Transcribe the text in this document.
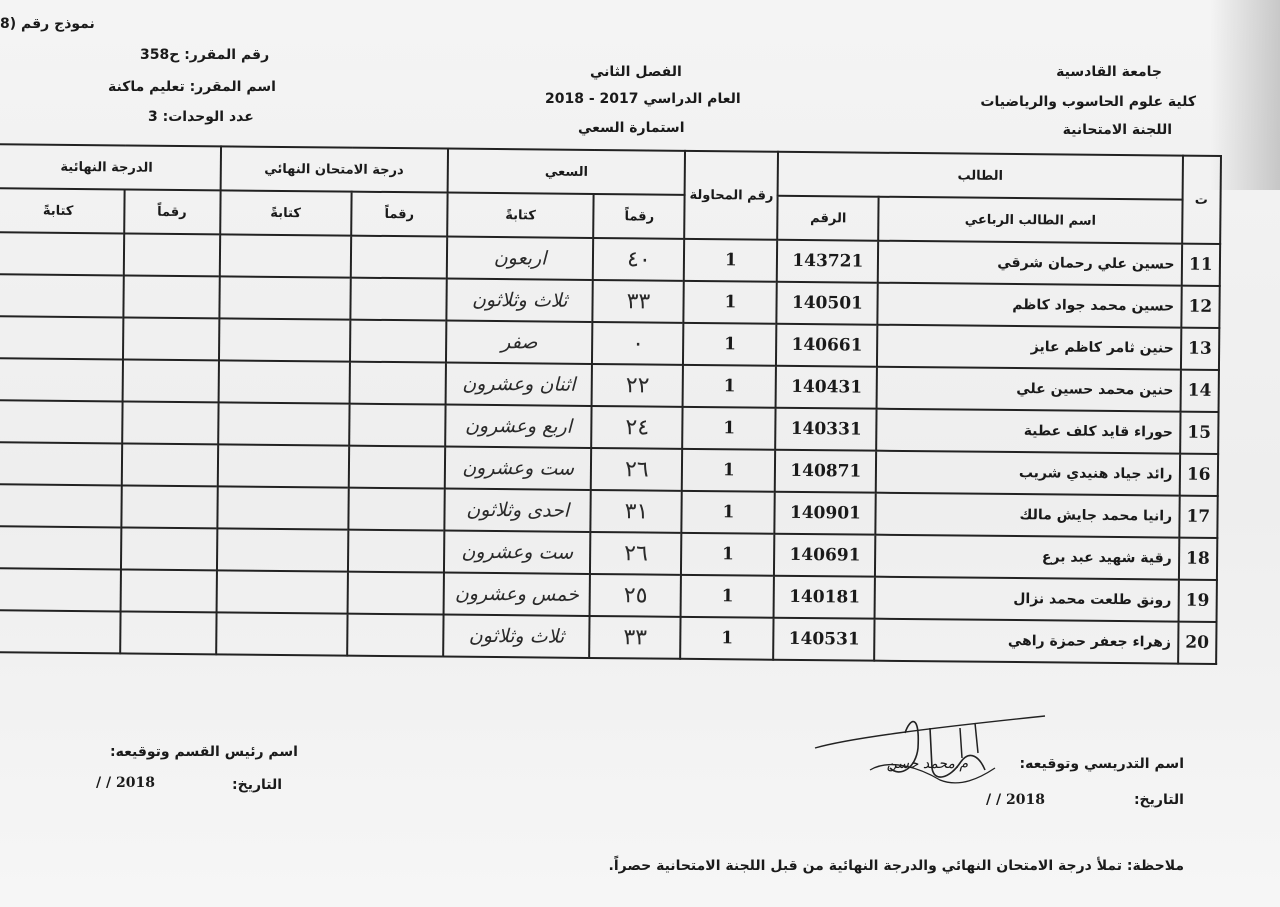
نموذج رقم (8
جامعة القادسية
كلية علوم الحاسوب والرياضيات
اللجنة الامتحانية
الفصل الثاني
العام الدراسي 2017 - 2018
استمارة السعي
رقم المقرر: ح358
اسم المقرر: تعليم ماكنة
عدد الوحدات: 3
ت	الطالب		رقم المحاولة	السعي		درجة الامتحان النهائي		الدرجة النهائية	
	اسم الطالب الرباعي	الرقم		رقماً	كتابةً	رقماً	كتابةً	رقماً	كتابةً
11	حسين علي رحمان شرقي	143721	1	٤٠	اربعون				
12	حسين محمد جواد كاظم	140501	1	٣٣	ثلاث وثلاثون				
13	حنين ثامر كاظم عايز	140661	1	٠	صفر				
14	حنين محمد حسين علي	140431	1	٢٢	اثنان وعشرون				
15	حوراء قايد كلف عطية	140331	1	٢٤	اربع وعشرون				
16	رائد جياد هنيدي شريب	140871	1	٢٦	ست وعشرون				
17	رانيا محمد جايش مالك	140901	1	٣١	احدى وثلاثون				
18	رقية شهيد عبد برع	140691	1	٢٦	ست وعشرون				
19	رونق طلعت محمد نزال	140181	1	٢٥	خمس وعشرون				
20	زهراء جعفر حمزة راهي	140531	1	٣٣	ثلاث وثلاثون				
اسم التدريسي وتوقيعه:
م.محمد حسن
التاريخ:
/ / 2018
اسم رئيس القسم وتوقيعه:
التاريخ:
/ / 2018
ملاحظة: تملأ درجة الامتحان النهائي والدرجة النهائية من قبل اللجنة الامتحانية حصراً.
